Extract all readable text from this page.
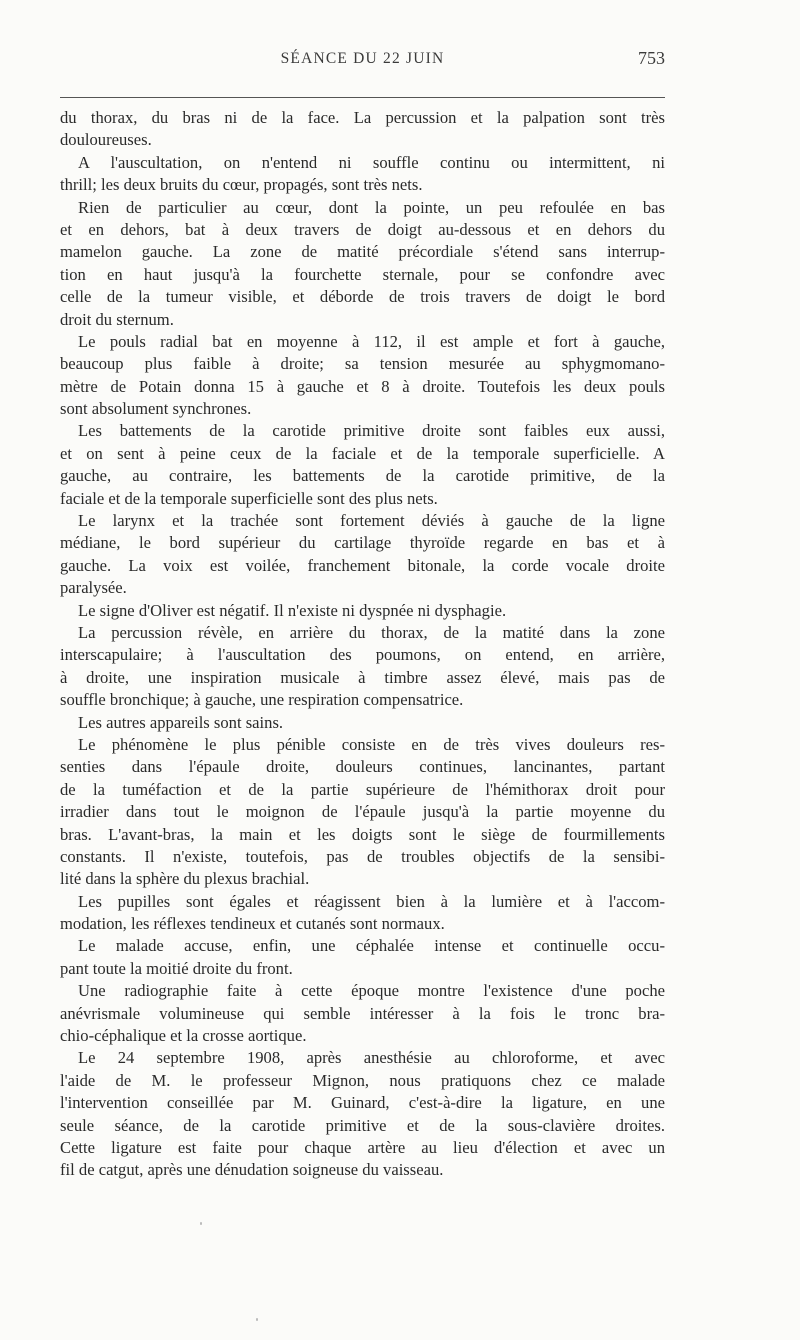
SÉANCE DU 22 JUIN	753
du thorax, du bras ni de la face. La percussion et la palpation sont très
douloureuses.
A l'auscultation, on n'entend ni souffle continu ou intermittent, ni
thrill; les deux bruits du cœur, propagés, sont très nets.
Rien de particulier au cœur, dont la pointe, un peu refoulée en bas
et en dehors, bat à deux travers de doigt au-dessous et en dehors du
mamelon gauche. La zone de matité précordiale s'étend sans interrup-
tion en haut jusqu'à la fourchette sternale, pour se confondre avec
celle de la tumeur visible, et déborde de trois travers de doigt le bord
droit du sternum.
Le pouls radial bat en moyenne à 112, il est ample et fort à gauche,
beaucoup plus faible à droite; sa tension mesurée au sphygmomano-
mètre de Potain donna 15 à gauche et 8 à droite. Toutefois les deux pouls
sont absolument synchrones.
Les battements de la carotide primitive droite sont faibles eux aussi,
et on sent à peine ceux de la faciale et de la temporale superficielle. A
gauche, au contraire, les battements de la carotide primitive, de la
faciale et de la temporale superficielle sont des plus nets.
Le larynx et la trachée sont fortement déviés à gauche de la ligne
médiane, le bord supérieur du cartilage thyroïde regarde en bas et à
gauche. La voix est voilée, franchement bitonale, la corde vocale droite
paralysée.
Le signe d'Oliver est négatif. Il n'existe ni dyspnée ni dysphagie.
La percussion révèle, en arrière du thorax, de la matité dans la zone
interscapulaire; à l'auscultation des poumons, on entend, en arrière,
à droite, une inspiration musicale à timbre assez élevé, mais pas de
souffle bronchique; à gauche, une respiration compensatrice.
Les autres appareils sont sains.
Le phénomène le plus pénible consiste en de très vives douleurs res-
senties dans l'épaule droite, douleurs continues, lancinantes, partant
de la tuméfaction et de la partie supérieure de l'hémithorax droit pour
irradier dans tout le moignon de l'épaule jusqu'à la partie moyenne du
bras. L'avant-bras, la main et les doigts sont le siège de fourmillements
constants. Il n'existe, toutefois, pas de troubles objectifs de la sensibi-
lité dans la sphère du plexus brachial.
Les pupilles sont égales et réagissent bien à la lumière et à l'accom-
modation, les réflexes tendineux et cutanés sont normaux.
Le malade accuse, enfin, une céphalée intense et continuelle occu-
pant toute la moitié droite du front.
Une radiographie faite à cette époque montre l'existence d'une poche
anévrismale volumineuse qui semble intéresser à la fois le tronc bra-
chio-céphalique et la crosse aortique.
Le 24 septembre 1908, après anesthésie au chloroforme, et avec
l'aide de M. le professeur Mignon, nous pratiquons chez ce malade
l'intervention conseillée par M. Guinard, c'est-à-dire la ligature, en une
seule séance, de la carotide primitive et de la sous-clavière droites.
Cette ligature est faite pour chaque artère au lieu d'élection et avec un
fil de catgut, après une dénudation soigneuse du vaisseau.
